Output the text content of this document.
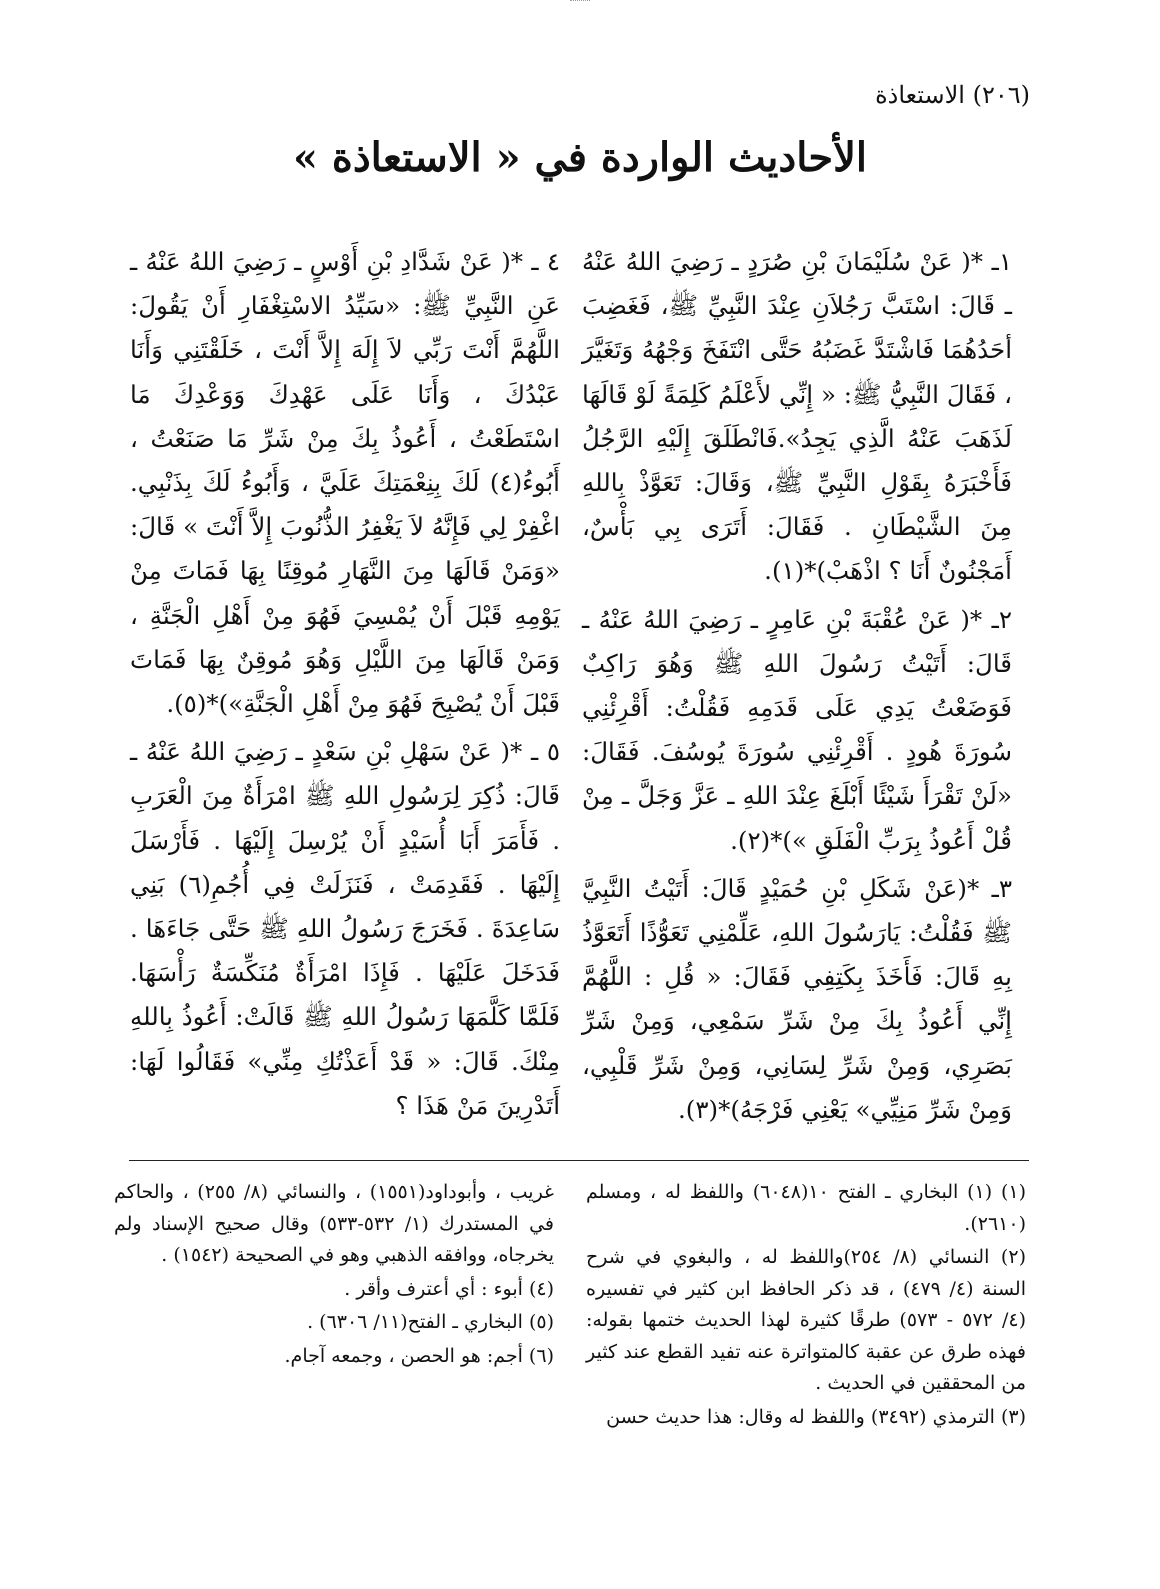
(٢٠٦) الاستعاذة
الأحاديث الواردة في « الاستعاذة »

١ـ *( عَنْ سُلَيْمَانَ بْنِ صُرَدٍ ـ رَضِيَ اللهُ عَنْهُ ـ قَالَ: اسْتَبَّ رَجُلاَنِ عِنْدَ النَّبِيِّ ﷺ، فَغَضِبَ أحَدُهُمَا فَاشْتَدَّ غَضَبُهُ حَتَّى انْتَفَخَ وَجْهُهُ وَتَغَيَّرَ ، فَقَالَ النَّبِيُّ ﷺ: « إِنِّي لأَعْلَمُ كَلِمَةً لَوْ قَالَهَا لَذَهَبَ عَنْهُ الَّذِي يَجِدُ».فَانْطَلَقَ إِلَيْهِ الرَّجُلُ فَأَخْبَرَهُ بِقَوْلِ النَّبِيِّ ﷺ، وَقَالَ: تَعَوَّذْ بِاللهِ مِنَ الشَّيْطَانِ . فَقَالَ: أَتَرَى بِي بَأْسٌ، أَمَجْنُونٌ أَنَا ؟ اذْهَبْ)*(١).

٢ـ *( عَنْ عُقْبَةَ بْنِ عَامِرٍ ـ رَضِيَ اللهُ عَنْهُ ـ قَالَ: أَتَيْتُ رَسُولَ اللهِ ﷺ وَهُوَ رَاكِبٌ فَوَضَعْتُ يَدِي عَلَى قَدَمِهِ فَقُلْتُ: أَقْرِئْنِي سُورَةَ هُودٍ . أَقْرِئْنِي سُورَةَ يُوسُفَ. فَقَالَ: «لَنْ تَقْرَأَ شَيْئًا أَبْلَغَ عِنْدَ اللهِ ـ عَزَّ وَجَلَّ ـ مِنْ قُلْ أَعُوذُ بِرَبِّ الْفَلَقِ »)*(٢).

٣ـ *(عَنْ شَكَلِ بْنِ حُمَيْدٍ قَالَ: أَتَيْتُ النَّبِيَّ ﷺ فَقُلْتُ: يَارَسُولَ اللهِ، عَلِّمْنِي تَعَوُّذًا أَتَعَوَّذُ بِهِ قَالَ: فَأَخَذَ بِكَتِفِي فَقَالَ: « قُلِ : اللَّهُمَّ إِنِّي أَعُوذُ بِكَ مِنْ شَرِّ سَمْعِي، وَمِنْ شَرِّ بَصَرِي، وَمِنْ شَرِّ لِسَانِي، وَمِنْ شَرِّ قَلْبِي، وَمِنْ شَرِّ مَنِيِّي» يَعْنِي فَرْجَهُ)*(٣).

٤ ـ *( عَنْ شَدَّادِ بْنِ أَوْسٍ ـ رَضِيَ اللهُ عَنْهُ ـ عَنِ النَّبِيِّ ﷺ: «سَيِّدُ الاسْتِغْفَارِ أَنْ يَقُولَ: اللَّهُمَّ أَنْتَ رَبِّي لاَ إِلَهَ إِلاَّ أَنْتَ ، خَلَقْتَنِي وَأَنَا عَبْدُكَ ، وَأَنَا عَلَى عَهْدِكَ وَوَعْدِكَ مَا اسْتَطَعْتُ ، أَعُوذُ بِكَ مِنْ شَرِّ مَا صَنَعْتُ ، أَبُوءُ(٤) لَكَ بِنِعْمَتِكَ عَلَيَّ ، وَأَبُوءُ لَكَ بِذَنْبِي. اغْفِرْ لِي فَإِنَّهُ لاَ يَغْفِرُ الذُّنُوبَ إِلاَّ أَنْتَ » قَالَ: «وَمَنْ قَالَهَا مِنَ النَّهَارِ مُوقِنًا بِهَا فَمَاتَ مِنْ يَوْمِهِ قَبْلَ أَنْ يُمْسِيَ فَهُوَ مِنْ أَهْلِ الْجَنَّةِ ، وَمَنْ قَالَهَا مِنَ اللَّيْلِ وَهُوَ مُوقِنٌ بِهَا فَمَاتَ قَبْلَ أَنْ يُصْبِحَ فَهُوَ مِنْ أَهْلِ الْجَنَّةِ»)*(٥).

٥ ـ *( عَنْ سَهْلِ بْنِ سَعْدٍ ـ رَضِيَ اللهُ عَنْهُ ـ قَالَ: ذُكِرَ لِرَسُولِ اللهِ ﷺ امْرَأَةٌ مِنَ الْعَرَبِ . فَأَمَرَ أَبَا أُسَيْدٍ أَنْ يُرْسِلَ إِلَيْهَا . فَأَرْسَلَ إِلَيْهَا . فَقَدِمَتْ ، فَنَزَلَتْ فِي أُجُمِ(٦) بَنِي سَاعِدَةَ . فَخَرَجَ رَسُولُ اللهِ ﷺ حَتَّى جَاءَهَا . فَدَخَلَ عَلَيْهَا . فَإِذَا امْرَأَةٌ مُنَكِّسَةٌ رَأْسَهَا. فَلَمَّا كَلَّمَهَا رَسُولُ اللهِ ﷺ قَالَتْ: أَعُوذُ بِاللهِ مِنْكَ. قَالَ: « قَدْ أَعَذْتُكِ مِنِّي» فَقَالُوا لَهَا: أَتَدْرِينَ مَنْ هَذَا ؟

(١) (١) البخاري ـ الفتح ١٠(٦٠٤٨) واللفظ له ، ومسلم (٢٦١٠).

(٢) النسائي (٨/ ٢٥٤)واللفظ له ، والبغوي في شرح السنة (٤/ ٤٧٩) ، قد ذكر الحافظ ابن كثير في تفسيره (٤/ ٥٧٢ - ٥٧٣) طرقًا كثيرة لهذا الحديث ختمها بقوله: فهذه طرق عن عقبة كالمتواترة عنه تفيد القطع عند كثير من المحققين في الحديث .

(٣) الترمذي (٣٤٩٢) واللفظ له وقال: هذا حديث حسن

غريب ، وأبوداود(١٥٥١) ، والنسائي (٨/ ٢٥٥) ، والحاكم في المستدرك (١/ ٥٣٢-٥٣٣) وقال صحيح الإسناد ولم يخرجاه، ووافقه الذهبي وهو في الصحيحة (١٥٤٢) .

(٤) أبوء : أي أعترف وأقر .

(٥) البخاري ـ الفتح(١١/ ٦٣٠٦) .

(٦) أجم: هو الحصن ، وجمعه آجام.
